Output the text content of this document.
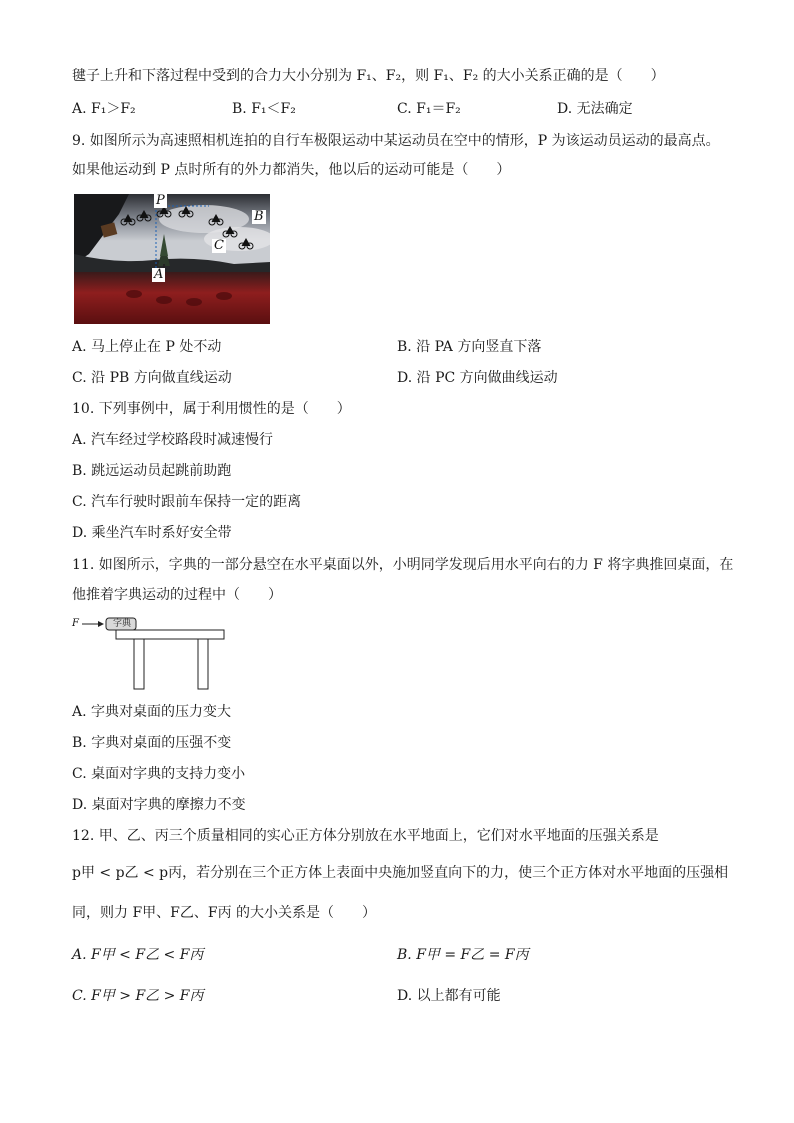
毽子上升和下落过程中受到的合力大小分别为 F₁、F₂，则 F₁、F₂ 的大小关系正确的是（　　）
A. F₁＞F₂	B. F₁＜F₂	C. F₁＝F₂	D. 无法确定
9. 如图所示为高速照相机连拍的自行车极限运动中某运动员在空中的情形，P 为该运动员运动的最高点。
如果他运动到 P 点时所有的外力都消失，他以后的运动可能是（　　）
P
B
C
A
A. 马上停止在 P 处不动	B. 沿 PA 方向竖直下落
C. 沿 PB 方向做直线运动	D. 沿 PC 方向做曲线运动
10. 下列事例中，属于利用惯性的是（　　）
A. 汽车经过学校路段时减速慢行
B. 跳远运动员起跳前助跑
C. 汽车行驶时跟前车保持一定的距离
D. 乘坐汽车时系好安全带
11. 如图所示，字典的一部分悬空在水平桌面以外，小明同学发现后用水平向右的力 F 将字典推回桌面，在
他推着字典运动的过程中（　　）
F	字典
A. 字典对桌面的压力变大
B. 字典对桌面的压强不变
C. 桌面对字典的支持力变小
D. 桌面对字典的摩擦力不变
12. 甲、乙、丙三个质量相同的实心正方体分别放在水平地面上，它们对水平地面的压强关系是
p甲 < p乙 < p丙，若分别在三个正方体上表面中央施加竖直向下的力，使三个正方体对水平地面的压强相
同，则力 F甲、F乙、F丙 的大小关系是（　　）
A. F甲 < F乙 < F丙	B. F甲 = F乙 = F丙
C. F甲 > F乙 > F丙	D. 以上都有可能
